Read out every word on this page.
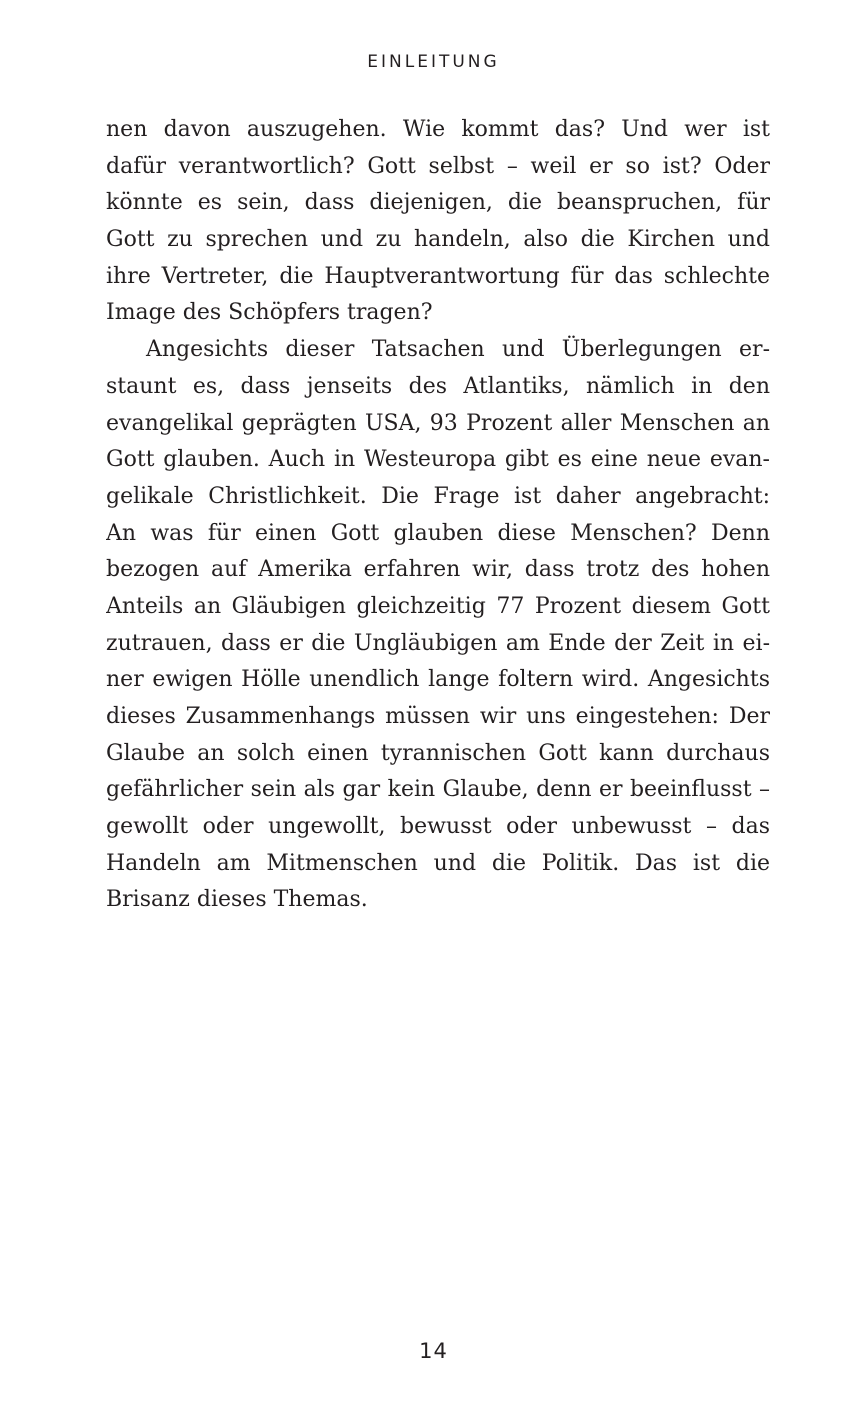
EINLEITUNG
nen davon auszugehen. Wie kommt das? Und wer ist
dafür verantwortlich? Gott selbst – weil er so ist? Oder
könnte es sein, dass diejenigen, die beanspruchen, für
Gott zu sprechen und zu handeln, also die Kirchen und
ihre Vertreter, die Hauptverantwortung für das schlechte
Image des Schöpfers tragen?
Angesichts dieser Tatsachen und Überlegungen er-
staunt es, dass jenseits des Atlantiks, nämlich in den
evangelikal geprägten USA, 93 Prozent aller Menschen an
Gott glauben. Auch in Westeuropa gibt es eine neue evan-
gelikale Christlichkeit. Die Frage ist daher angebracht:
An was für einen Gott glauben diese Menschen? Denn
bezogen auf Amerika erfahren wir, dass trotz des hohen
Anteils an Gläubigen gleichzeitig 77 Prozent diesem Gott
zutrauen, dass er die Ungläubigen am Ende der Zeit in ei-
ner ewigen Hölle unendlich lange foltern wird. Angesichts
dieses Zusammenhangs müssen wir uns eingestehen: Der
Glaube an solch einen tyrannischen Gott kann durchaus
gefährlicher sein als gar kein Glaube, denn er beeinflusst –
gewollt oder ungewollt, bewusst oder unbewusst – das
Handeln am Mitmenschen und die Politik. Das ist die
Brisanz dieses Themas.
14
